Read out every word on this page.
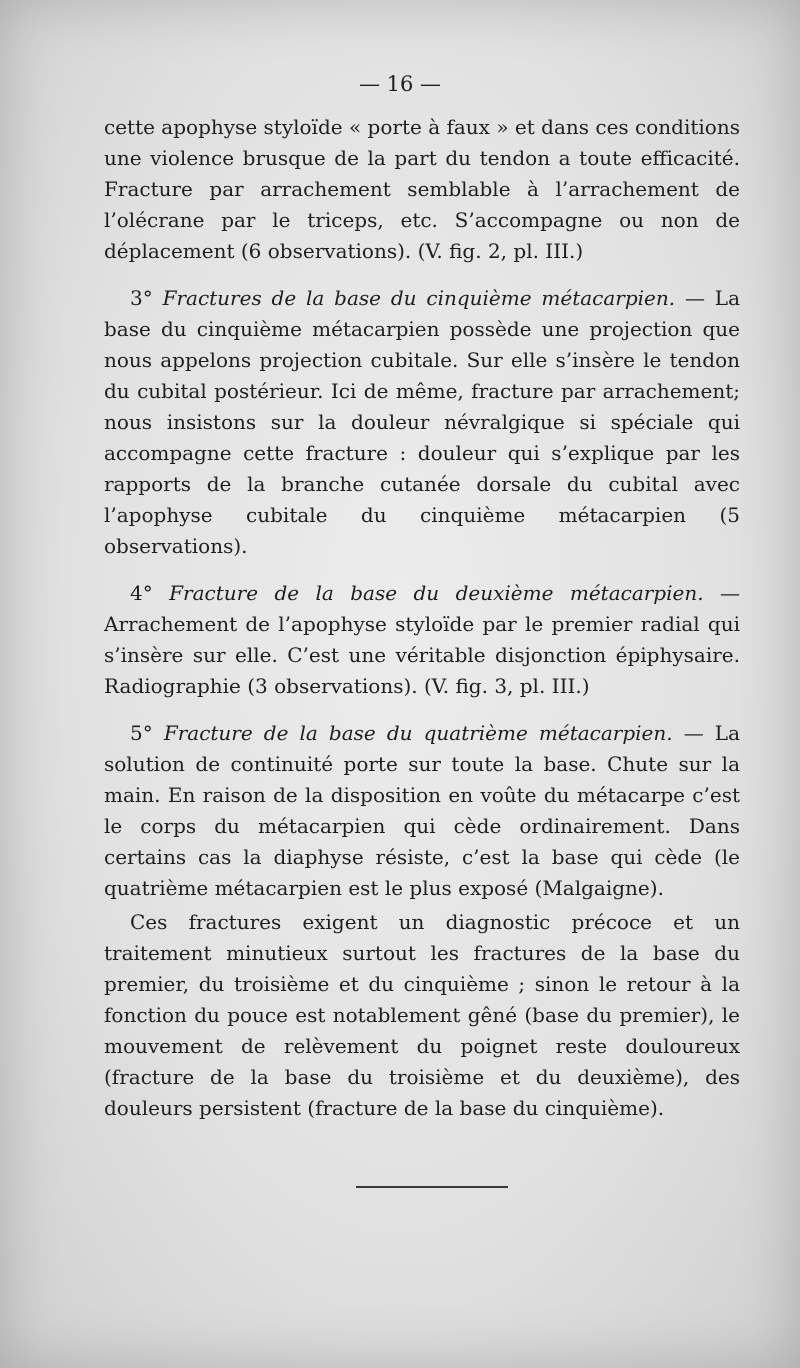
— 16 —

cette apophyse styloïde « porte à faux » et dans ces conditions une violence brusque de la part du tendon a toute efficacité. Fracture par arrachement semblable à l’arrachement de l’olécrane par le triceps, etc. S’accompagne ou non de déplacement (6 observations). (V. fig. 2, pl. III.)

3° Fractures de la base du cinquième métacarpien. — La base du cinquième métacarpien possède une projection que nous appelons projection cubitale. Sur elle s’insère le tendon du cubital postérieur. Ici de même, fracture par arrachement; nous insistons sur la douleur névralgique si spéciale qui accompagne cette fracture : douleur qui s’explique par les rapports de la branche cutanée dorsale du cubital avec l’apophyse cubitale du cinquième métacarpien (5 observations).

4° Fracture de la base du deuxième métacarpien. — Arrachement de l’apophyse styloïde par le premier radial qui s’insère sur elle. C’est une véritable disjonction épiphysaire. Radiographie (3 observations). (V. fig. 3, pl. III.)

5° Fracture de la base du quatrième métacarpien. — La solution de continuité porte sur toute la base. Chute sur la main. En raison de la disposition en voûte du métacarpe c’est le corps du métacarpien qui cède ordinairement. Dans certains cas la diaphyse résiste, c’est la base qui cède (le quatrième métacarpien est le plus exposé (Malgaigne).

Ces fractures exigent un diagnostic précoce et un traitement minutieux surtout les fractures de la base du premier, du troisième et du cinquième ; sinon le retour à la fonction du pouce est notablement gêné (base du premier), le mouvement de relèvement du poignet reste douloureux (fracture de la base du troisième et du deuxième), des douleurs persistent (fracture de la base du cinquième).
